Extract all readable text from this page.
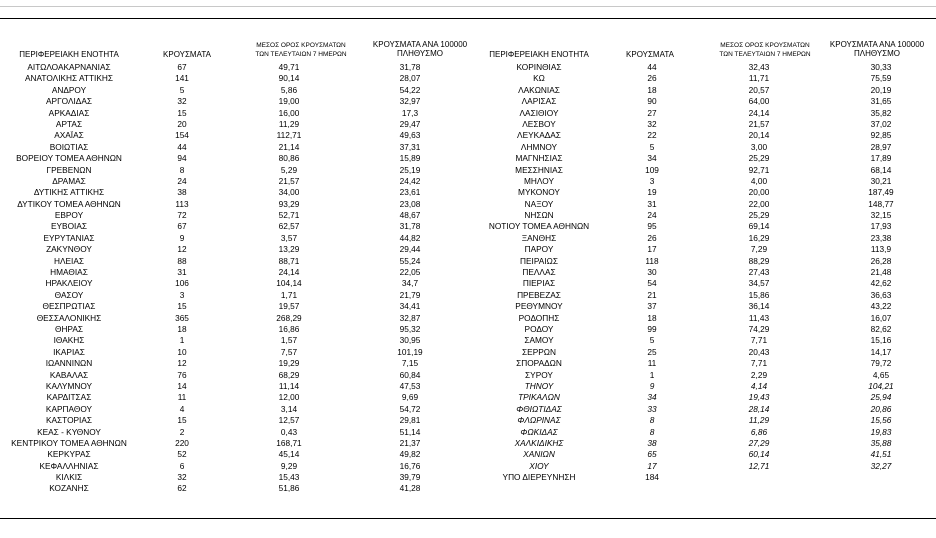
ΠΕΡΙΦΕΡΕΙΑΚΗ ΕΝΟΤΗΤΑ	ΚΡΟΥΣΜΑΤΑ
ΜΕΣΟΣ ΟΡΟΣ ΚΡΟΥΣΜΑΤΩΝ
ΤΩΝ ΤΕΛΕΥΤΑΙΩΝ 7 ΗΜΕΡΩΝ
ΚΡΟΥΣΜΑΤΑ ΑΝΑ 100000
ΠΛΗΘΥΣΜΟ	ΠΕΡΙΦΕΡΕΙΑΚΗ ΕΝΟΤΗΤΑ	ΚΡΟΥΣΜΑΤΑ
ΜΕΣΟΣ ΟΡΟΣ ΚΡΟΥΣΜΑΤΩΝ
ΤΩΝ ΤΕΛΕΥΤΑΙΩΝ 7 ΗΜΕΡΩΝ
ΚΡΟΥΣΜΑΤΑ ΑΝΑ 100000
ΠΛΗΘΥΣΜΟ
ΑΙΤΩΛΟΑΚΑΡΝΑΝΙΑΣ	67	49,71	31,78
ΑΝΑΤΟΛΙΚΗΣ ΑΤΤΙΚΗΣ	141	90,14	28,07
ΑΝΔΡΟΥ	5	5,86	54,22
ΑΡΓΟΛΙΔΑΣ	32	19,00	32,97
ΑΡΚΑΔΙΑΣ	15	16,00	17,3
ΑΡΤΑΣ	20	11,29	29,47
ΑΧΑΪΑΣ	154	112,71	49,63
ΒΟΙΩΤΙΑΣ	44	21,14	37,31
ΒΟΡΕΙΟΥ ΤΟΜΕΑ ΑΘΗΝΩΝ	94	80,86	15,89
ΓΡΕΒΕΝΩΝ	8	5,29	25,19
ΔΡΑΜΑΣ	24	21,57	24,42
ΔΥΤΙΚΗΣ ΑΤΤΙΚΗΣ	38	34,00	23,61
ΔΥΤΙΚΟΥ ΤΟΜΕΑ ΑΘΗΝΩΝ	113	93,29	23,08
ΕΒΡΟΥ	72	52,71	48,67
ΕΥΒΟΙΑΣ	67	62,57	31,78
ΕΥΡΥΤΑΝΙΑΣ	9	3,57	44,82
ΖΑΚΥΝΘΟΥ	12	13,29	29,44
ΗΛΕΙΑΣ	88	88,71	55,24
ΗΜΑΘΙΑΣ	31	24,14	22,05
ΗΡΑΚΛΕΙΟΥ	106	104,14	34,7
ΘΑΣΟΥ	3	1,71	21,79
ΘΕΣΠΡΩΤΙΑΣ	15	19,57	34,41
ΘΕΣΣΑΛΟΝΙΚΗΣ	365	268,29	32,87
ΘΗΡΑΣ	18	16,86	95,32
ΙΘΑΚΗΣ	1	1,57	30,95
ΙΚΑΡΙΑΣ	10	7,57	101,19
ΙΩΑΝΝΙΝΩΝ	12	19,29	7,15
ΚΑΒΑΛΑΣ	76	68,29	60,84
ΚΑΛΥΜΝΟΥ	14	11,14	47,53
ΚΑΡΔΙΤΣΑΣ	11	12,00	9,69
ΚΑΡΠΑΘΟΥ	4	3,14	54,72
ΚΑΣΤΟΡΙΑΣ	15	12,57	29,81
ΚΕΑΣ - ΚΥΘΝΟΥ	2	0,43	51,14
ΚΕΝΤΡΙΚΟΥ ΤΟΜΕΑ ΑΘΗΝΩΝ	220	168,71	21,37
ΚΕΡΚΥΡΑΣ	52	45,14	49,82
ΚΕΦΑΛΛΗΝΙΑΣ	6	9,29	16,76
ΚΙΛΚΙΣ	32	15,43	39,79
ΚΟΖΑΝΗΣ	62	51,86	41,28
ΚΟΡΙΝΘΙΑΣ	44	32,43	30,33
ΚΩ	26	11,71	75,59
ΛΑΚΩΝΙΑΣ	18	20,57	20,19
ΛΑΡΙΣΑΣ	90	64,00	31,65
ΛΑΣΙΘΙΟΥ	27	24,14	35,82
ΛΕΣΒΟΥ	32	21,57	37,02
ΛΕΥΚΑΔΑΣ	22	20,14	92,85
ΛΗΜΝΟΥ	5	3,00	28,97
ΜΑΓΝΗΣΙΑΣ	34	25,29	17,89
ΜΕΣΣΗΝΙΑΣ	109	92,71	68,14
ΜΗΛΟΥ	3	4,00	30,21
ΜΥΚΟΝΟΥ	19	20,00	187,49
ΝΑΞΟΥ	31	22,00	148,77
ΝΗΣΩΝ	24	25,29	32,15
ΝΟΤΙΟΥ ΤΟΜΕΑ ΑΘΗΝΩΝ	95	69,14	17,93
ΞΑΝΘΗΣ	26	16,29	23,38
ΠΑΡΟΥ	17	7,29	113,9
ΠΕΙΡΑΙΩΣ	118	88,29	26,28
ΠΕΛΛΑΣ	30	27,43	21,48
ΠΙΕΡΙΑΣ	54	34,57	42,62
ΠΡΕΒΕΖΑΣ	21	15,86	36,63
ΡΕΘΥΜΝΟΥ	37	36,14	43,22
ΡΟΔΟΠΗΣ	18	11,43	16,07
ΡΟΔΟΥ	99	74,29	82,62
ΣΑΜΟΥ	5	7,71	15,16
ΣΕΡΡΩΝ	25	20,43	14,17
ΣΠΟΡΑΔΩΝ	11	7,71	79,72
ΣΥΡΟΥ	1	2,29	4,65
ΤΗΝΟΥ	9	4,14	104,21
ΤΡΙΚΑΛΩΝ	34	19,43	25,94
ΦΘΙΩΤΙΔΑΣ	33	28,14	20,86
ΦΛΩΡΙΝΑΣ	8	11,29	15,56
ΦΩΚΙΔΑΣ	8	6,86	19,83
ΧΑΛΚΙΔΙΚΗΣ	38	27,29	35,88
ΧΑΝΙΩΝ	65	60,14	41,51
ΧΙΟΥ	17	12,71	32,27
ΥΠΟ ΔΙΕΡΕΥΝΗΣΗ	184
